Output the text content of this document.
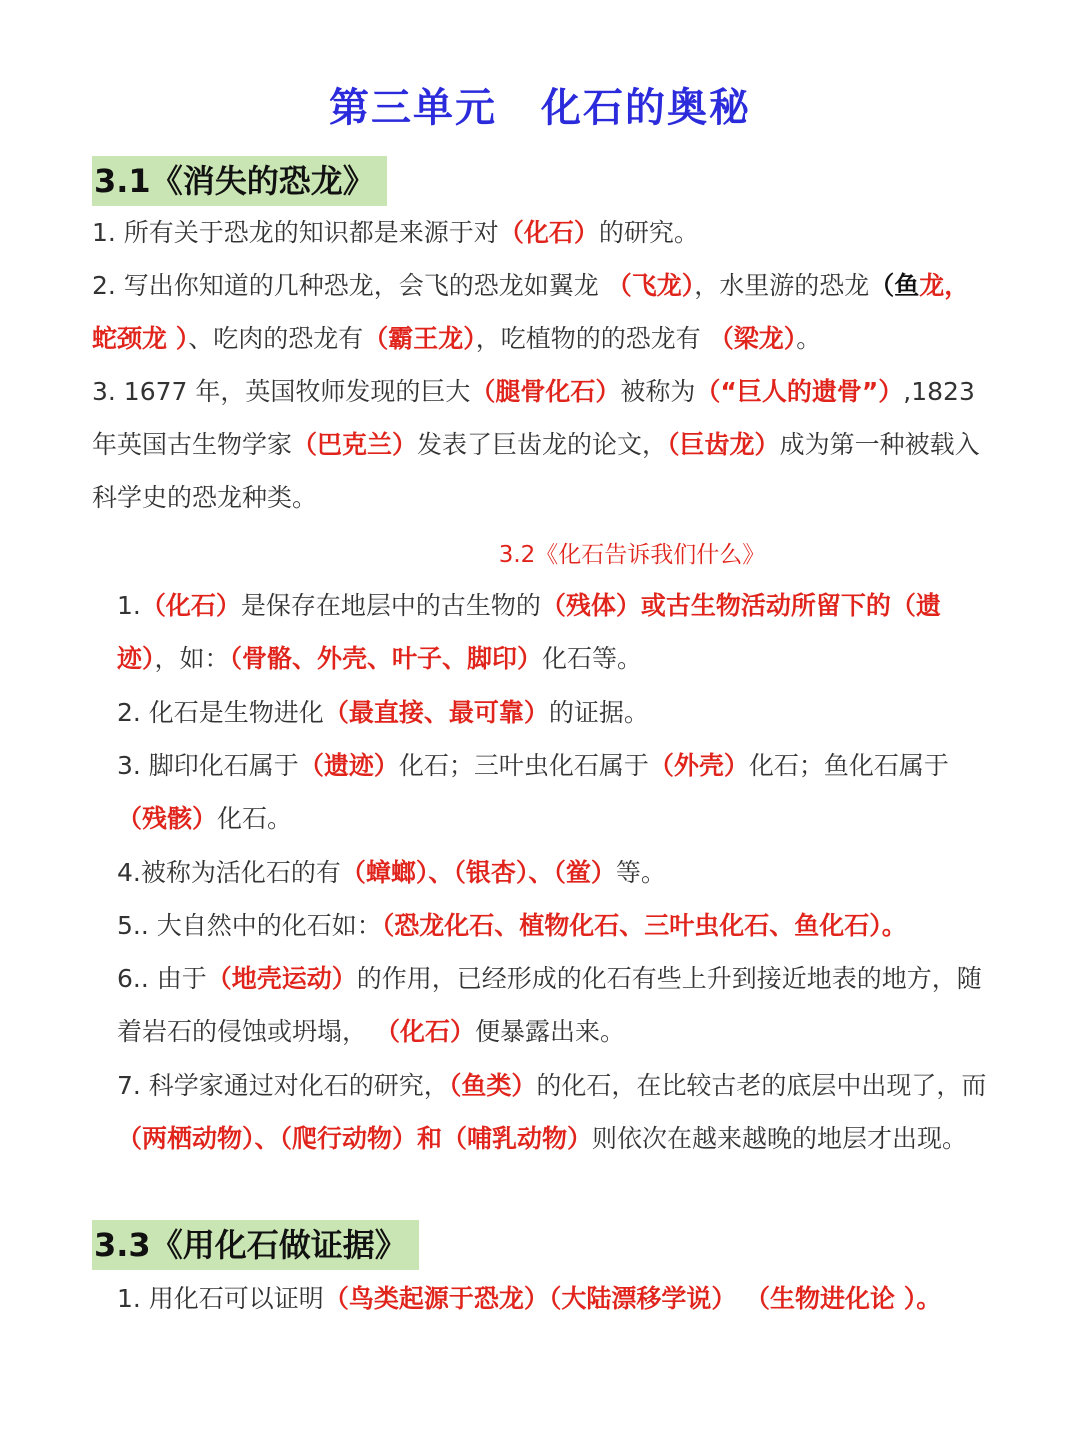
第三单元 化石的奥秘
3.1《消失的恐龙》

1. 所有关于恐龙的知识都是来源于对（化石）的研究。

2. 写出你知道的几种恐龙，会飞的恐龙如翼龙 （飞龙），水里游的恐龙（鱼龙，蛇颈龙 ）、吃肉的恐龙有（霸王龙），吃植物的的恐龙有 （梁龙）。

3. 1677 年，英国牧师发现的巨大（腿骨化石）被称为（“巨人的遗骨”）,1823年英国古生物学家（巴克兰）发表了巨齿龙的论文，（巨齿龙）成为第一种被载入科学史的恐龙种类。

3.2《化石告诉我们什么》

1.（化石）是保存在地层中的古生物的（残体）或古生物活动所留下的（遗迹），如：（骨骼、外壳、叶子、脚印）化石等。

2. 化石是生物进化（最直接、最可靠）的证据。

3. 脚印化石属于（遗迹）化石；三叶虫化石属于（外壳）化石；鱼化石属于（残骸）化石。

4.被称为活化石的有（蟑螂）、（银杏）、（鲎）等。

5.. 大自然中的化石如：（恐龙化石、植物化石、三叶虫化石、鱼化石）。

6.. 由于（地壳运动）的作用，已经形成的化石有些上升到接近地表的地方，随着岩石的侵蚀或坍塌， （化石）便暴露出来。

7. 科学家通过对化石的研究，（鱼类）的化石，在比较古老的底层中出现了，而（两栖动物）、（爬行动物）和（哺乳动物）则依次在越来越晚的地层才出现。

3.3《用化石做证据》

1. 用化石可以证明（鸟类起源于恐龙）（大陆漂移学说） （生物进化论 ）。
